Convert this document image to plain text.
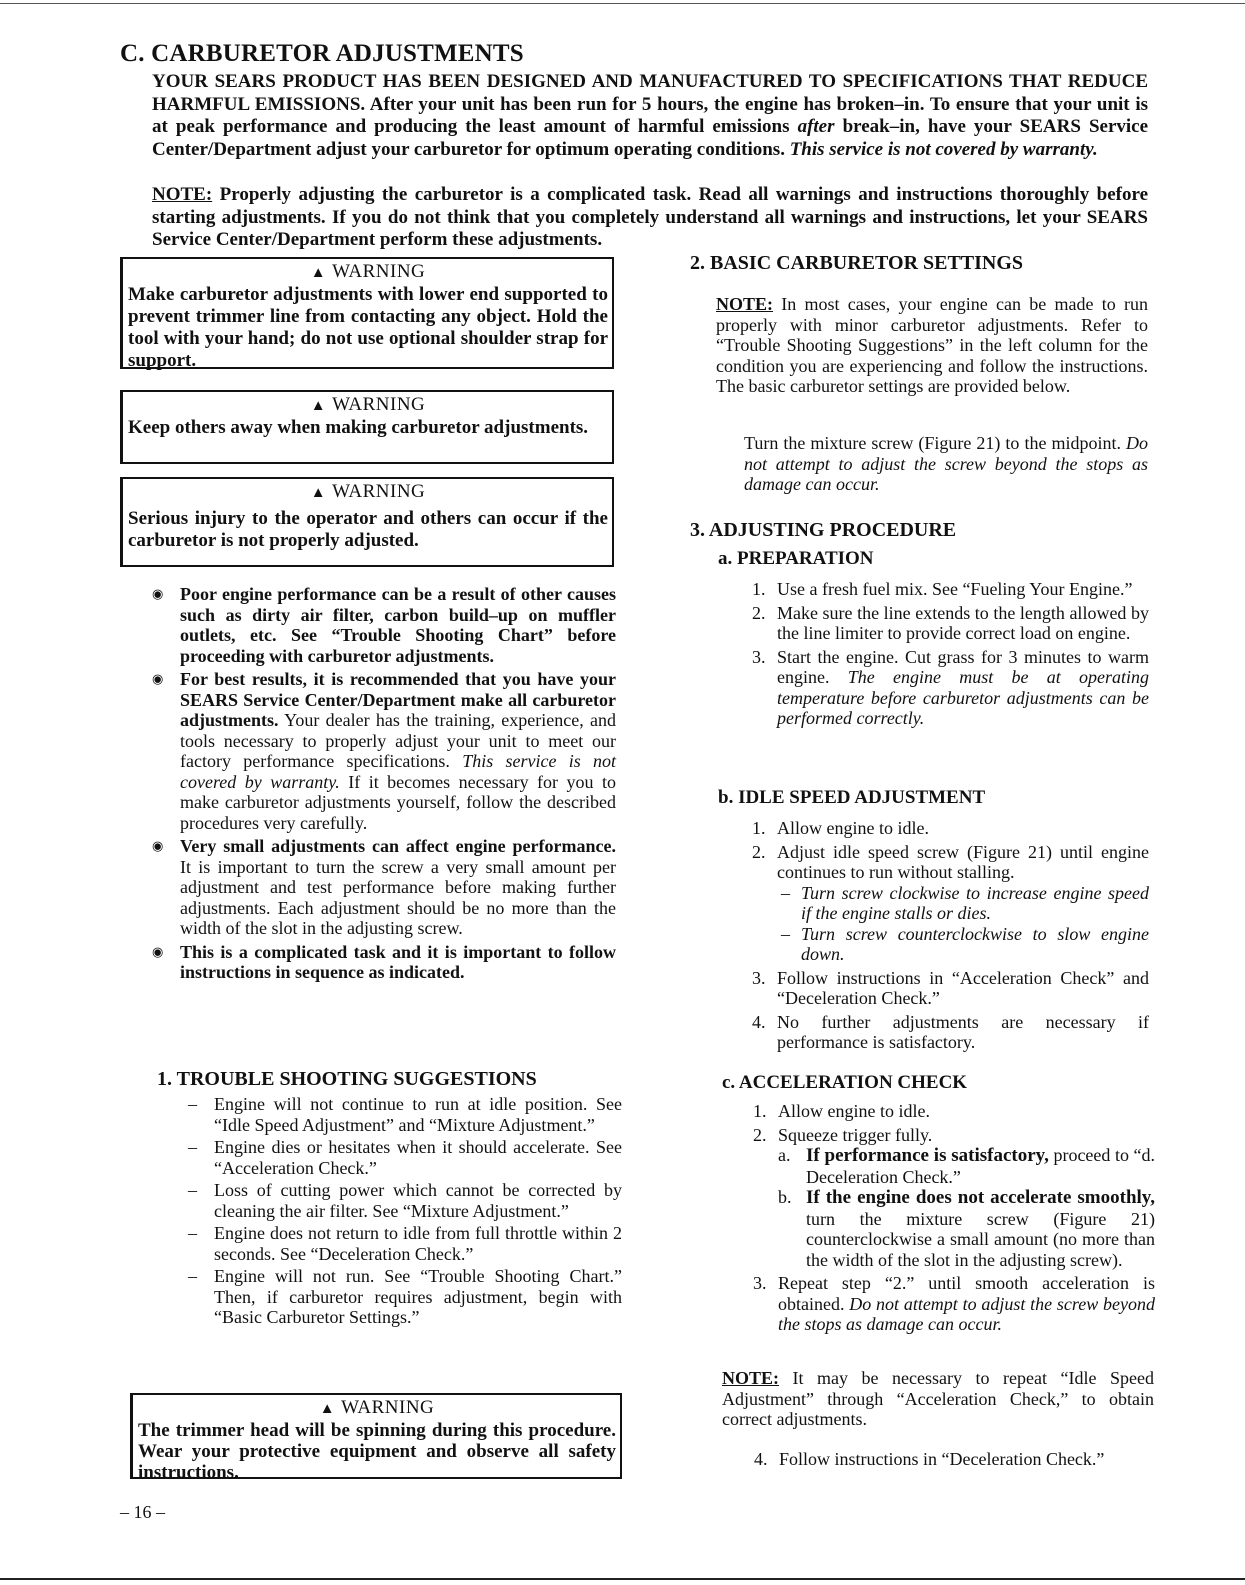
C. CARBURETOR ADJUSTMENTS
YOUR SEARS PRODUCT HAS BEEN DESIGNED AND MANUFACTURED TO SPECIFICATIONS THAT REDUCE HARMFUL EMISSIONS. After your unit has been run for 5 hours, the engine has broken–in. To ensure that your unit is at peak performance and producing the least amount of harmful emissions after break–in, have your SEARS Service Center/Department adjust your carburetor for optimum operating conditions. This service is not covered by warranty.
NOTE: Properly adjusting the carburetor is a complicated task. Read all warnings and instructions thoroughly before starting adjustments. If you do not think that you completely understand all warnings and instructions, let your SEARS Service Center/Department perform these adjustments.
▲ WARNING
Make carburetor adjustments with lower end supported to prevent trimmer line from contacting any object. Hold the tool with your hand; do not use optional shoulder strap for support.
▲ WARNING
Keep others away when making carburetor adjustments.
▲ WARNING
Serious injury to the operator and others can occur if the carburetor is not properly adjusted.
◉ Poor engine performance can be a result of other causes such as dirty air filter, carbon build–up on muffler outlets, etc. See “Trouble Shooting Chart” before proceeding with carburetor adjustments.
◉ For best results, it is recommended that you have your SEARS Service Center/Department make all carburetor adjustments. Your dealer has the training, experience, and tools necessary to properly adjust your unit to meet our factory performance specifications. This service is not covered by warranty. If it becomes necessary for you to make carburetor adjustments yourself, follow the described procedures very carefully.
◉ Very small adjustments can affect engine performance. It is important to turn the screw a very small amount per adjustment and test performance before making further adjustments. Each adjustment should be no more than the width of the slot in the adjusting screw.
◉ This is a complicated task and it is important to follow instructions in sequence as indicated.
1. TROUBLE SHOOTING SUGGESTIONS
– Engine will not continue to run at idle position. See “Idle Speed Adjustment” and “Mixture Adjustment.”
– Engine dies or hesitates when it should accelerate. See “Acceleration Check.”
– Loss of cutting power which cannot be corrected by cleaning the air filter. See “Mixture Adjustment.”
– Engine does not return to idle from full throttle within 2 seconds. See “Deceleration Check.”
– Engine will not run. See “Trouble Shooting Chart.” Then, if carburetor requires adjustment, begin with “Basic Carburetor Settings.”
▲ WARNING
The trimmer head will be spinning during this procedure. Wear your protective equipment and observe all safety instructions.
– 16 –
2. BASIC CARBURETOR SETTINGS
NOTE: In most cases, your engine can be made to run properly with minor carburetor adjustments. Refer to “Trouble Shooting Suggestions” in the left column for the condition you are experiencing and follow the instructions. The basic carburetor settings are provided below.
Turn the mixture screw (Figure 21) to the midpoint. Do not attempt to adjust the screw beyond the stops as damage can occur.
3. ADJUSTING PROCEDURE
a. PREPARATION
1. Use a fresh fuel mix. See “Fueling Your Engine.”
2. Make sure the line extends to the length allowed by the line limiter to provide correct load on engine.
3. Start the engine. Cut grass for 3 minutes to warm engine. The engine must be at operating temperature before carburetor adjustments can be performed correctly.
b. IDLE SPEED ADJUSTMENT
1. Allow engine to idle.
2. Adjust idle speed screw (Figure 21) until engine continues to run without stalling.
– Turn screw clockwise to increase engine speed if the engine stalls or dies.
– Turn screw counterclockwise to slow engine down.
3. Follow instructions in “Acceleration Check” and “Deceleration Check.”
4. No further adjustments are necessary if performance is satisfactory.
c. ACCELERATION CHECK
1. Allow engine to idle.
2. Squeeze trigger fully.
a. If performance is satisfactory, proceed to “d. Deceleration Check.”
b. If the engine does not accelerate smoothly, turn the mixture screw (Figure 21) counterclockwise a small amount (no more than the width of the slot in the adjusting screw).
3. Repeat step “2.” until smooth acceleration is obtained. Do not attempt to adjust the screw beyond the stops as damage can occur.
NOTE: It may be necessary to repeat “Idle Speed Adjustment” through “Acceleration Check,” to obtain correct adjustments.
4. Follow instructions in “Deceleration Check.”
